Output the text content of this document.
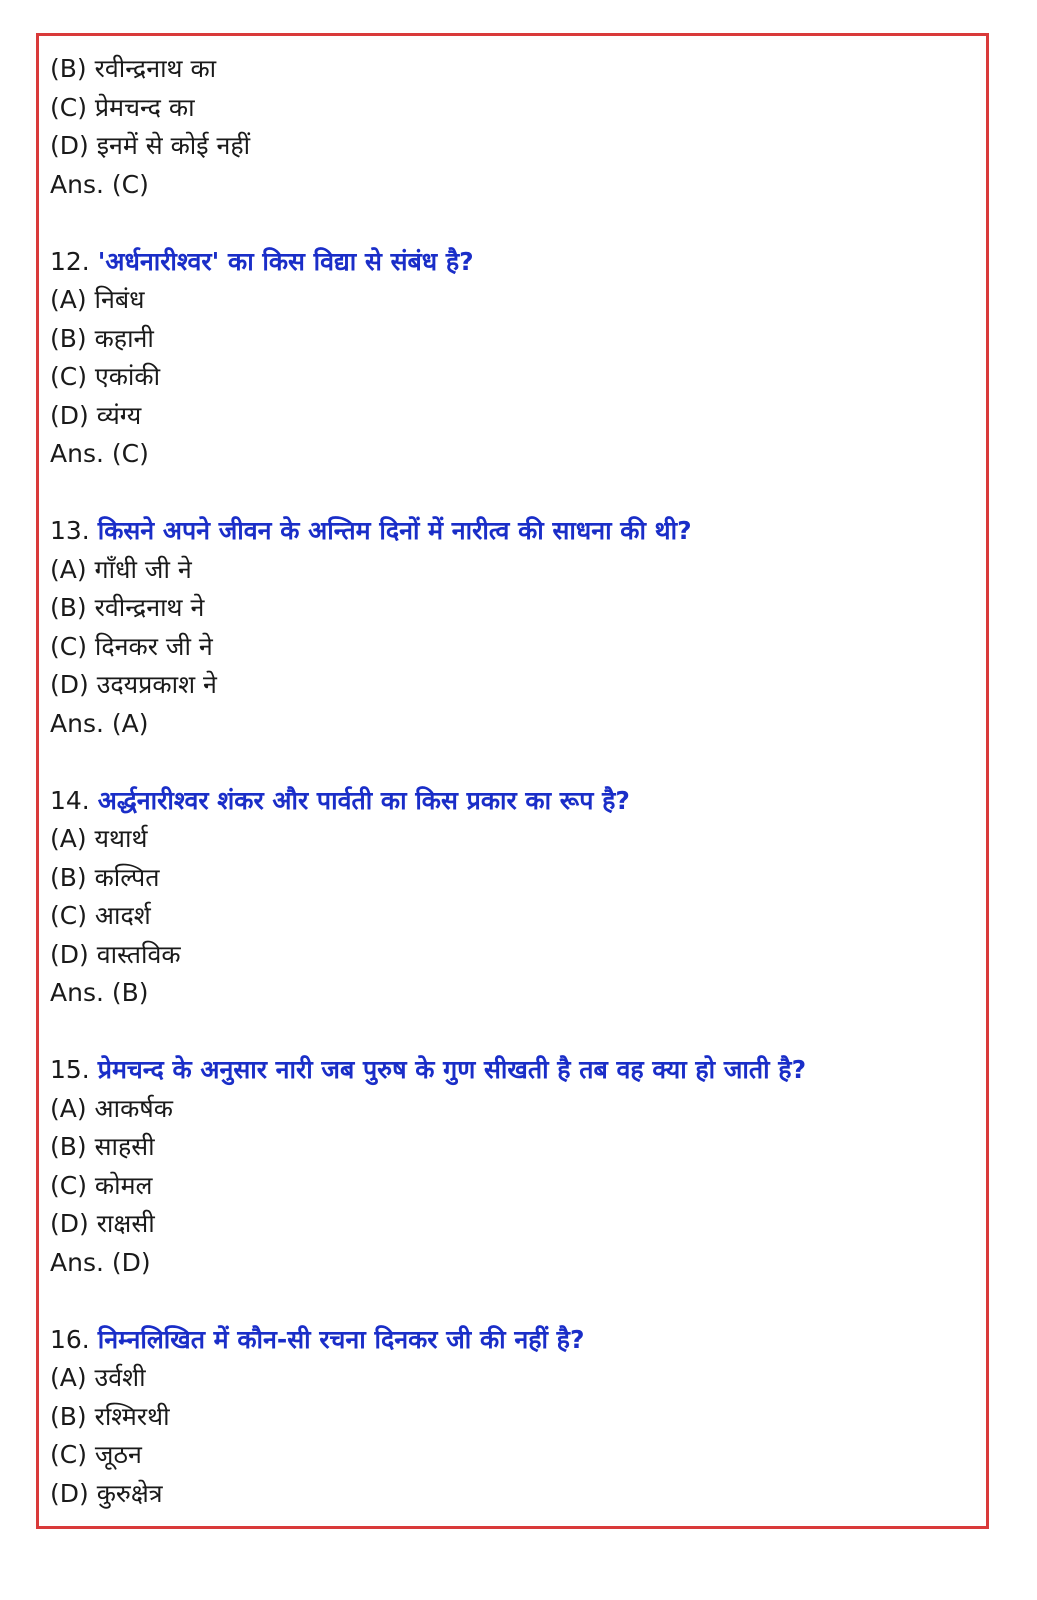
(B) रवीन्द्रनाथ का
(C) प्रेमचन्द का
(D) इनमें से कोई नहीं
Ans. (C)
12. 'अर्धनारीश्वर' का किस विद्या से संबंध है?
(A) निबंध
(B) कहानी
(C) एकांकी
(D) व्यंग्य
Ans. (C)
13. किसने अपने जीवन के अन्तिम दिनों में नारीत्व की साधना की थी?
(A) गाँधी जी ने
(B) रवीन्द्रनाथ ने
(C) दिनकर जी ने
(D) उदयप्रकाश ने
Ans. (A)
14. अर्द्धनारीश्वर शंकर और पार्वती का किस प्रकार का रूप है?
(A) यथार्थ
(B) कल्पित
(C) आदर्श
(D) वास्तविक
Ans. (B)
15. प्रेमचन्द के अनुसार नारी जब पुरुष के गुण सीखती है तब वह क्या हो जाती है?
(A) आकर्षक
(B) साहसी
(C) कोमल
(D) राक्षसी
Ans. (D)
16. निम्नलिखित में कौन-सी रचना दिनकर जी की नहीं है?
(A) उर्वशी
(B) रश्मिरथी
(C) जूठन
(D) कुरुक्षेत्र
